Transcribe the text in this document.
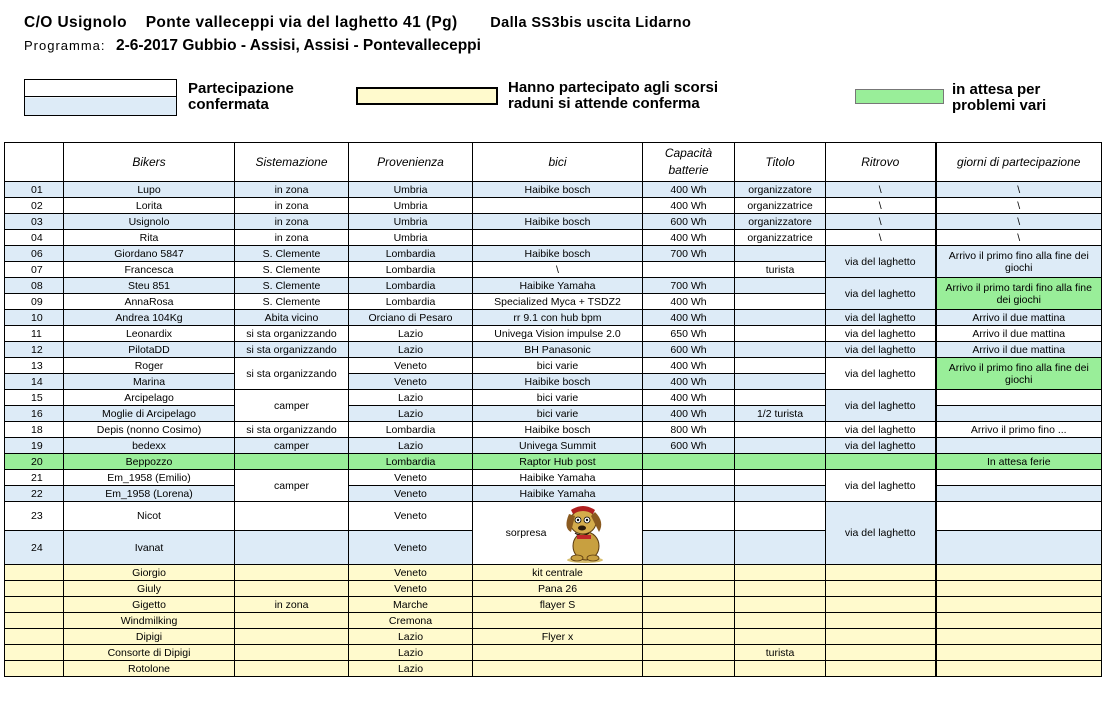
C/O Usignolo Ponte valleceppi via del laghetto 41 (Pg) Dalla SS3bis uscita Lidarno
Programma: 2-6-2017 Gubbio - Assisi, Assisi - Pontevalleceppi
Partecipazione
confermata
Hanno partecipato agli scorsi
raduni si attende conferma
in attesa per
problemi vari
	Bikers	Sistemazione	Provenienza	bici	Capacità batterie	Titolo	Ritrovo	giorni di partecipazione
01	Lupo	in zona	Umbria	Haibike bosch	400 Wh	organizzatore	\	\
02	Lorita	in zona	Umbria		400 Wh	organizzatrice	\	\
03	Usignolo	in zona	Umbria	Haibike bosch	600 Wh	organizzatore	\	\
04	Rita	in zona	Umbria		400 Wh	organizzatrice	\	\
06	Giordano 5847	S. Clemente	Lombardia	Haibike bosch	700 Wh		via del laghetto	Arrivo il primo fino alla fine dei giochi
07	Francesca	S. Clemente	Lombardia	\		turista		
08	Steu 851	S. Clemente	Lombardia	Haibike Yamaha	700 Wh		via del laghetto	Arrivo il primo tardi fino alla fine dei giochi
09	AnnaRosa	S. Clemente	Lombardia	Specialized Myca + TSDZ2	400 Wh			
10	Andrea 104Kg	Abita vicino	Orciano di Pesaro	rr 9.1 con hub bpm	400 Wh		via del laghetto	Arrivo il due mattina
11	Leonardix	si sta organizzando	Lazio	Univega Vision impulse 2.0	650 Wh		via del laghetto	Arrivo il due mattina
12	PilotaDD	si sta organizzando	Lazio	BH Panasonic	600 Wh		via del laghetto	Arrivo il due mattina
13	Roger	si sta organizzando	Veneto	bici varie	400 Wh		via del laghetto	Arrivo il primo fino alla fine dei giochi
14	Marina		Veneto	Haibike bosch	400 Wh			
15	Arcipelago	camper	Lazio	bici varie	400 Wh		via del laghetto	
16	Moglie di Arcipelago		Lazio	bici varie	400 Wh	1/2 turista		
18	Depis (nonno Cosimo)	si sta organizzando	Lombardia	Haibike bosch	800 Wh		via del laghetto	Arrivo il primo fino ...
19	bedexx	camper	Lazio	Univega Summit	600 Wh		via del laghetto	
20	Beppozzo		Lombardia	Raptor Hub post				In attesa ferie
21	Em_1958 (Emilio)	camper	Veneto	Haibike Yamaha			via del laghetto	
22	Em_1958 (Lorena)		Veneto	Haibike Yamaha				
23	Nicot		Veneto	sorpresa			via del laghetto	
24	Ivanat		Veneto					
	Giorgio		Veneto	kit centrale				
	Giuly		Veneto	Pana 26				
	Gigetto	in zona	Marche	flayer S				
	Windmilking		Cremona					
	Dipigi		Lazio	Flyer x				
	Consorte di Dipigi		Lazio			turista		
	Rotolone		Lazio					
